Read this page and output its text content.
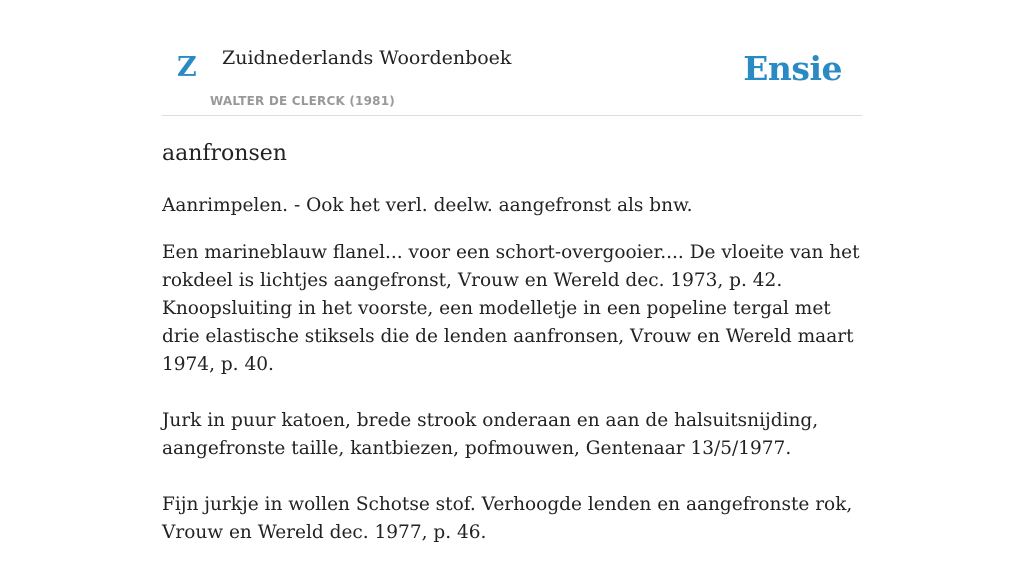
Z Zuidnederlands Woordenboek
WALTER DE CLERCK (1981)
Ensie
aanfronsen

Aanrimpelen. - Ook het verl. deelw. aangefronst als bnw.

Een marineblauw flanel... voor een schort-overgooier.... De vloeite van het rokdeel is lichtjes aangefronst, Vrouw en Wereld dec. 1973, p. 42. Knoopsluiting in het voorste, een modelletje in een popeline tergal met drie elastische stiksels die de lenden aanfronsen, Vrouw en Wereld maart 1974, p. 40.

Jurk in puur katoen, brede strook onderaan en aan de halsuitsnijding, aangefronste taille, kantbiezen, pofmouwen, Gentenaar 13/5/1977.

Fijn jurkje in wollen Schotse stof. Verhoogde lenden en aangefronste rok, Vrouw en Wereld dec. 1977, p. 46.
